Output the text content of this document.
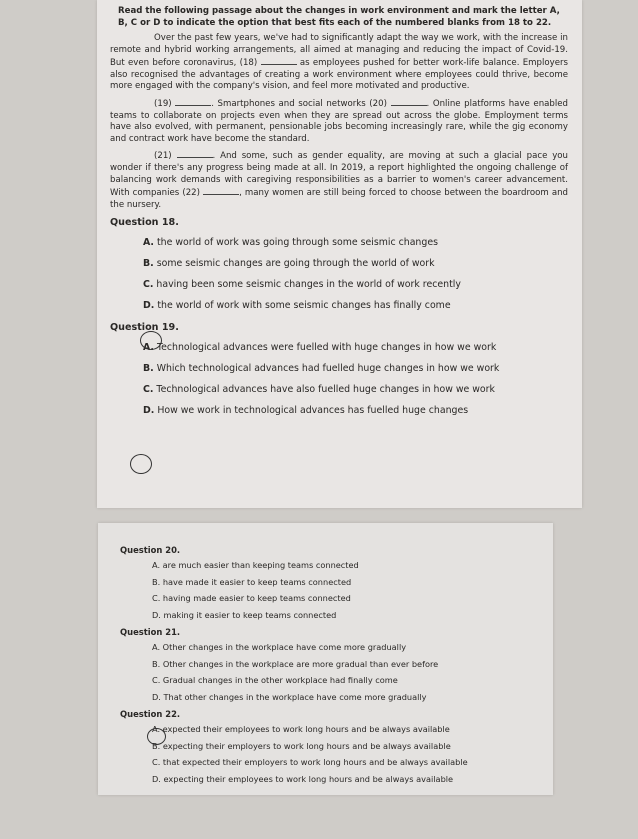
Read the following passage about the changes in work environment and mark the letter A, B, C or D to indicate the option that best fits each of the numbered blanks from 18 to 22.

Over the past few years, we've had to significantly adapt the way we work, with the increase in remote and hybrid working arrangements, all aimed at managing and reducing the impact of Covid-19. But even before coronavirus, (18)	as employees pushed for better work-life balance. Employers also recognised the advantages of creating a work environment where employees could thrive, become more engaged with the company's vision, and feel more motivated and productive.

(19)	. Smartphones and social networks (20)	. Online platforms have enabled teams to collaborate on projects even when they are spread out across the globe. Employment terms have also evolved, with permanent, pensionable jobs becoming increasingly rare, while the gig economy and contract work have become the standard.

(21)	. And some, such as gender equality, are moving at such a glacial pace you wonder if there's any progress being made at all. In 2019, a report highlighted the ongoing challenge of balancing work demands with caregiving responsibilities as a barrier to women's career advancement. With companies (22)	, many women are still being forced to choose between the boardroom and the nursery.

Question 18.
A. the world of work was going through some seismic changes
B. some seismic changes are going through the world of work
C. having been some seismic changes in the world of work recently
D. the world of work with some seismic changes has finally come
Question 19.
A. Technological advances were fuelled with huge changes in how we work
B. Which technological advances had fuelled huge changes in how we work
C. Technological advances have also fuelled huge changes in how we work
D. How we work in technological advances has fuelled huge changes
Question 20.
A. are much easier than keeping teams connected
B. have made it easier to keep teams connected
C. having made easier to keep teams connected
D. making it easier to keep teams connected
Question 21.
A. Other changes in the workplace have come more gradually
B. Other changes in the workplace are more gradual than ever before
C. Gradual changes in the other workplace had finally come
D. That other changes in the workplace have come more gradually
Question 22.
A. expected their employees to work long hours and be always available
B. expecting their employers to work long hours and be always available
C. that expected their employers to work long hours and be always available
D. expecting their employees to work long hours and be always available
